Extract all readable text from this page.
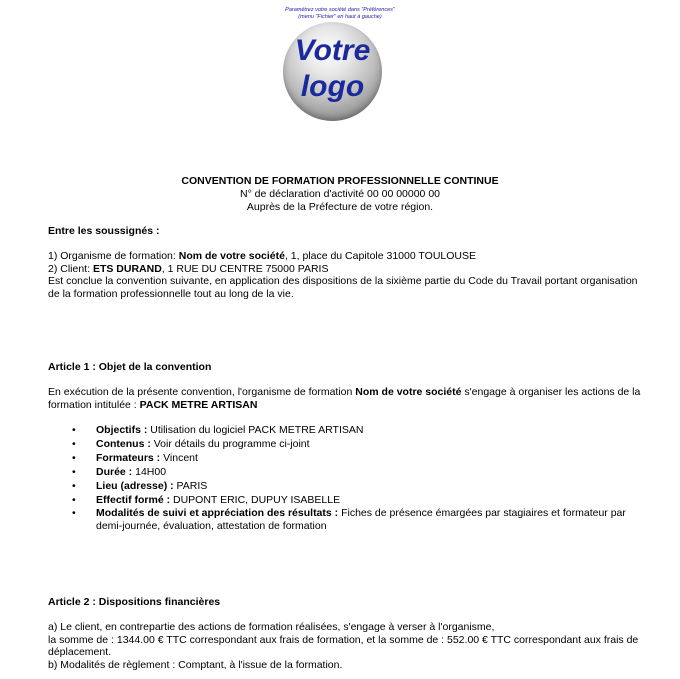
Paramétrez votre société dans "Préférences"
(menu "Fichier" en haut à gauche)
Votre
logo
CONVENTION DE FORMATION PROFESSIONNELLE CONTINUE
N° de déclaration d'activité 00 00 00000 00
Auprès de la Préfecture de votre région.

Entre les soussignés :

1) Organisme de formation: Nom de votre société, 1, place du Capitole 31000 TOULOUSE
2) Client: ETS DURAND, 1 RUE DU CENTRE 75000 PARIS
Est conclue la convention suivante, en application des dispositions de la sixième partie du Code du Travail portant organisation de la formation professionnelle tout au long de la vie.

Article 1 : Objet de la convention

En exécution de la présente convention, l'organisme de formation Nom de votre société s'engage à organiser les actions de la formation intitulée : PACK METRE ARTISAN
• Objectifs : Utilisation du logiciel PACK METRE ARTISAN
• Contenus : Voir détails du programme ci-joint
• Formateurs : Vincent
• Durée : 14H00
• Lieu (adresse) : PARIS
• Effectif formé : DUPONT ERIC, DUPUY ISABELLE
• Modalités de suivi et appréciation des résultats : Fiches de présence émargées par stagiaires et formateur par demi-journée, évaluation, attestation de formation

Article 2 : Dispositions financières

a) Le client, en contrepartie des actions de formation réalisées, s'engage à verser à l'organisme,
la somme de : 1344.00 € TTC correspondant aux frais de formation, et la somme de : 552.00 € TTC correspondant aux frais de déplacement.
b) Modalités de règlement : Comptant, à l'issue de la formation.
